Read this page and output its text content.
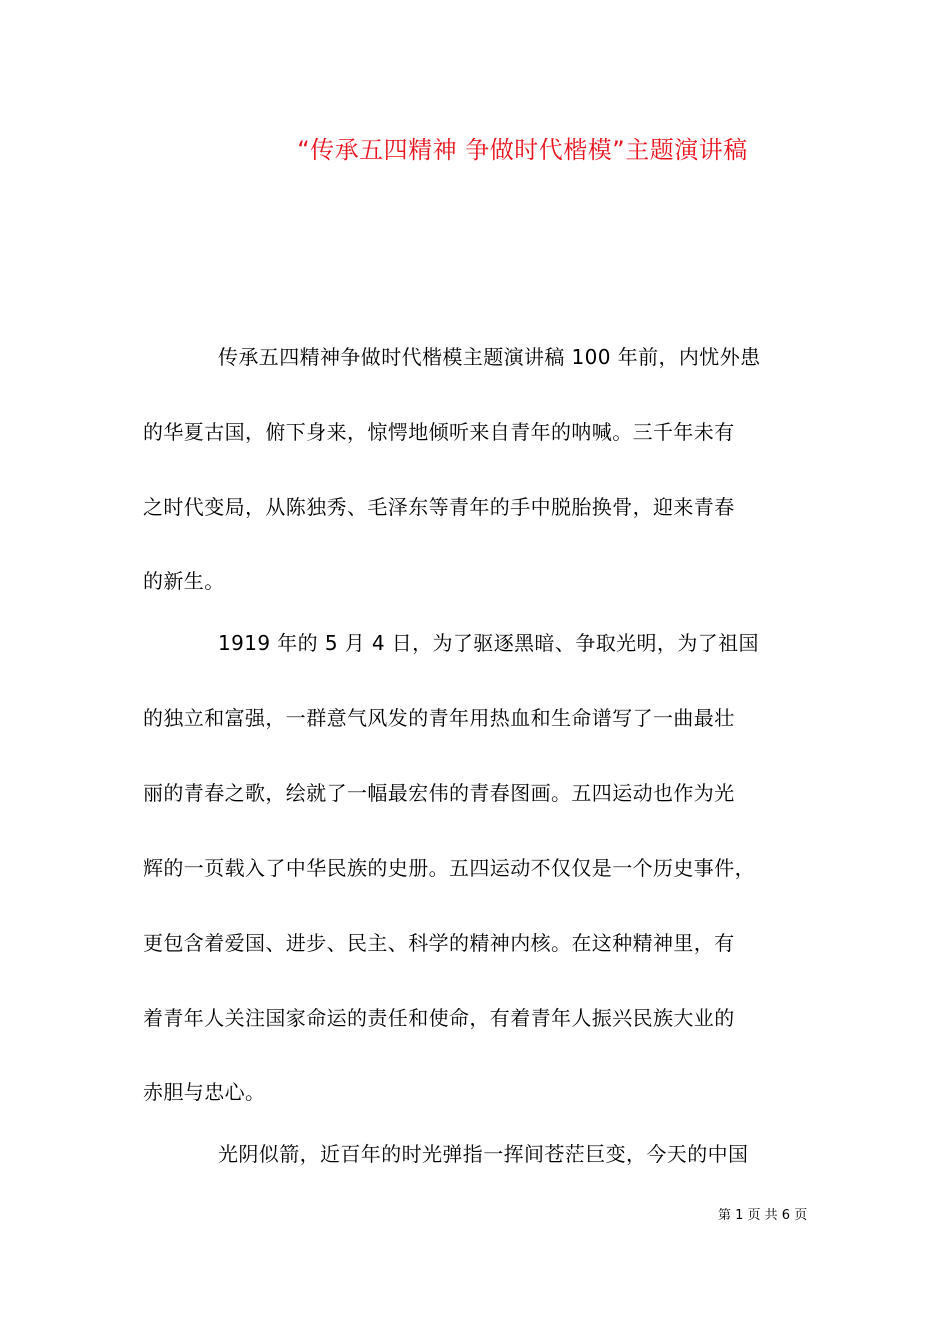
“传承五四精神 争做时代楷模”主题演讲稿
传承五四精神争做时代楷模主题演讲稿 100 年前，内忧外患
的华夏古国，俯下身来，惊愕地倾听来自青年的呐喊。三千年未有
之时代变局，从陈独秀、毛泽东等青年的手中脱胎换骨，迎来青春
的新生。
1919 年的 5 月 4 日，为了驱逐黑暗、争取光明，为了祖国
的独立和富强，一群意气风发的青年用热血和生命谱写了一曲最壮
丽的青春之歌，绘就了一幅最宏伟的青春图画。五四运动也作为光
辉的一页载入了中华民族的史册。五四运动不仅仅是一个历史事件，
更包含着爱国、进步、民主、科学的精神内核。在这种精神里，有
着青年人关注国家命运的责任和使命，有着青年人振兴民族大业的
赤胆与忠心。
光阴似箭，近百年的时光弹指一挥间苍茫巨变，今天的中国
第 1 页 共 6 页
